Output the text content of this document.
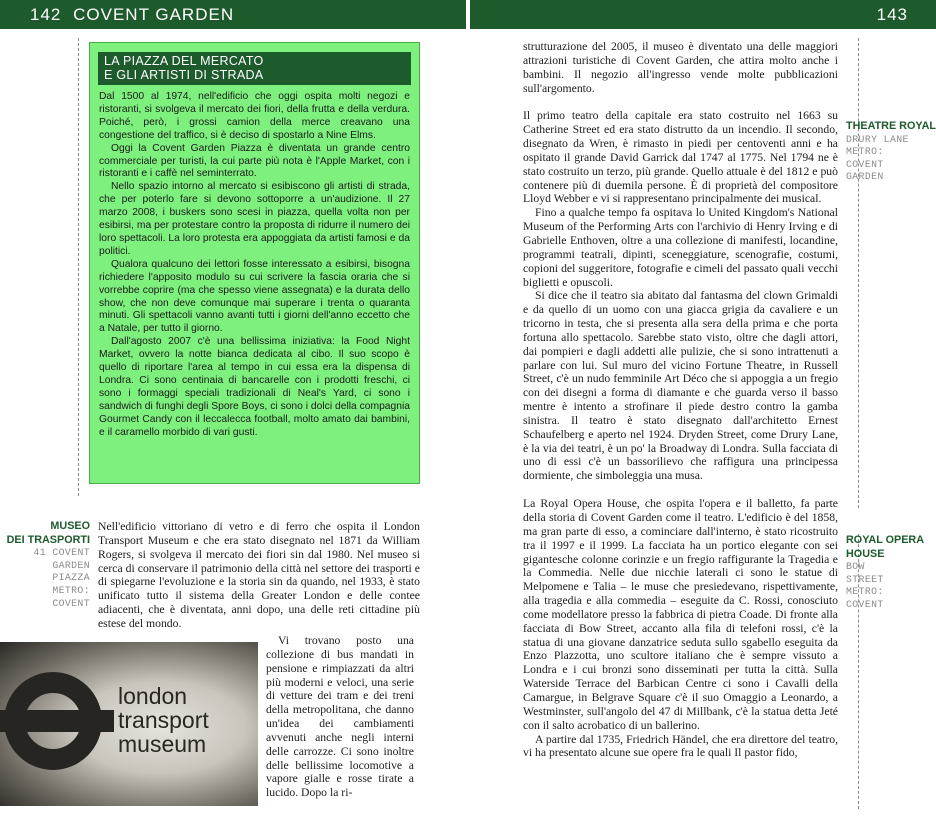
142 COVENT GARDEN	143
LA PIAZZA DEL MERCATO
E GLI ARTISTI DI STRADA

Dal 1500 al 1974, nell'edificio che oggi ospita molti negozi e ristoranti, si svolgeva il mercato dei fiori, della frutta e della verdura. Poiché, però, i grossi camion della merce creavano una congestione del traffico, si è deciso di spostarlo a Nine Elms.

Oggi la Covent Garden Piazza è diventata un grande centro commerciale per turisti, la cui parte più nota è l'Apple Market, con i ristoranti e i caffè nel seminterrato.

Nello spazio intorno al mercato si esibiscono gli artisti di strada, che per poterlo fare si devono sottoporre a un'audizione. Il 27 marzo 2008, i buskers sono scesi in piazza, quella volta non per esibirsi, ma per protestare contro la proposta di ridurre il numero dei loro spettacoli. La loro protesta era appoggiata da artisti famosi e da politici.

Qualora qualcuno dei lettori fosse interessato a esibirsi, bisogna richiedere l'apposito modulo su cui scrivere la fascia oraria che si vorrebbe coprire (ma che spesso viene assegnata) e la durata dello show, che non deve comunque mai superare i trenta o quaranta minuti. Gli spettacoli vanno avanti tutti i giorni dell'anno eccetto che a Natale, per tutto il giorno.

Dall'agosto 2007 c'è una bellissima iniziativa: la Food Night Market, ovvero la notte bianca dedicata al cibo. Il suo scopo è quello di riportare l'area al tempo in cui essa era la dispensa di Londra. Ci sono centinaia di bancarelle con i prodotti freschi, ci sono i formaggi speciali tradizionali di Neal's Yard, ci sono i sandwich di funghi degli Spore Boys, ci sono i dolci della compagnia Gourmet Candy con il leccalecca football, molto amato dai bambini, e il caramello morbido di vari gusti.

MUSEO
DEI TRASPORTI
41 COVENT
GARDEN
PIAZZA
METRO:
COVENT

Nell'edificio vittoriano di vetro e di ferro che ospita il London Transport Museum e che era stato disegnato nel 1871 da William Rogers, si svolgeva il mercato dei fiori sin dal 1980. Nel museo si cerca di conservare il patrimonio della città nel settore dei trasporti e di spiegarne l'evoluzione e la storia sin da quando, nel 1933, è stato unificato tutto il sistema della Greater London e delle contee adiacenti, che è diventata, anni dopo, una delle reti cittadine più estese del mondo.

london
transport
museum

Vi trovano posto una collezione di bus mandati in pensione e rimpiazzati da altri più moderni e veloci, una serie di vetture dei tram e dei treni della metropolitana, che danno un'idea dei cambiamenti avvenuti anche negli interni delle carrozze. Ci sono inoltre delle bellissime locomotive a vapore gialle e rosse tirate a lucido. Dopo la ri-

strutturazione del 2005, il museo è diventato una delle maggiori attrazioni turistiche di Covent Garden, che attira molto anche i bambini. Il negozio all'ingresso vende molte pubblicazioni sull'argomento.

Il primo teatro della capitale era stato costruito nel 1663 su Catherine Street ed era stato distrutto da un incendio. Il secondo, disegnato da Wren, è rimasto in piedi per centoventi anni e ha ospitato il grande David Garrick dal 1747 al 1775. Nel 1794 ne è stato costruito un terzo, più grande. Quello attuale è del 1812 e può contenere più di duemila persone. È di proprietà del compositore Lloyd Webber e vi si rappresentano principalmente dei musical.

Fino a qualche tempo fa ospitava lo United Kingdom's National Museum of the Performing Arts con l'archivio di Henry Irving e di Gabrielle Enthoven, oltre a una collezione di manifesti, locandine, programmi teatrali, dipinti, sceneggiature, scenografie, costumi, copioni del suggeritore, fotografie e cimeli del passato quali vecchi biglietti e opuscoli.

Si dice che il teatro sia abitato dal fantasma del clown Grimaldi e da quello di un uomo con una giacca grigia da cavaliere e un tricorno in testa, che si presenta alla sera della prima e che porta fortuna allo spettacolo. Sarebbe stato visto, oltre che dagli attori, dai pompieri e dagli addetti alle pulizie, che si sono intrattenuti a parlare con lui. Sul muro del vicino Fortune Theatre, in Russell Street, c'è un nudo femminile Art Déco che si appoggia a un fregio con dei disegni a forma di diamante e che guarda verso il basso mentre è intento a strofinare il piede destro contro la gamba sinistra. Il teatro è stato disegnato dall'architetto Ernest Schaufelberg e aperto nel 1924. Dryden Street, come Drury Lane, è la via dei teatri, è un po' la Broadway di Londra. Sulla facciata di uno di essi c'è un bassorilievo che raffigura una principessa dormiente, che simboleggia una musa.

La Royal Opera House, che ospita l'opera e il balletto, fa parte della storia di Covent Garden come il teatro. L'edificio è del 1858, ma gran parte di esso, a cominciare dall'interno, è stato ricostruito tra il 1997 e il 1999. La facciata ha un portico elegante con sei gigantesche colonne corinzie e un fregio raffigurante la Tragedia e la Commedia. Nelle due nicchie laterali ci sono le statue di Melpomene e Talia – le muse che presiedevano, rispettivamente, alla tragedia e alla commedia – eseguite da C. Rossi, conosciuto come modellatore presso la fabbrica di pietra Coade. Di fronte alla facciata di Bow Street, accanto alla fila di telefoni rossi, c'è la statua di una giovane danzatrice seduta sullo sgabello eseguita da Enzo Plazzotta, uno scultore italiano che è sempre vissuto a Londra e i cui bronzi sono disseminati per tutta la città. Sulla Waterside Terrace del Barbican Centre ci sono i Cavalli della Camargue, in Belgrave Square c'è il suo Omaggio a Leonardo, a Westminster, sull'angolo del 47 di Millbank, c'è la statua detta Jeté con il salto acrobatico di un ballerino.

A partire dal 1735, Friedrich Händel, che era direttore del teatro, vi ha presentato alcune sue opere fra le quali Il pastor fido,

THEATRE ROYAL
DRURY LANE
METRO:
COVENT
GARDEN
ROYAL OPERA
HOUSE
BOW
STREET
METRO:
COVENT
